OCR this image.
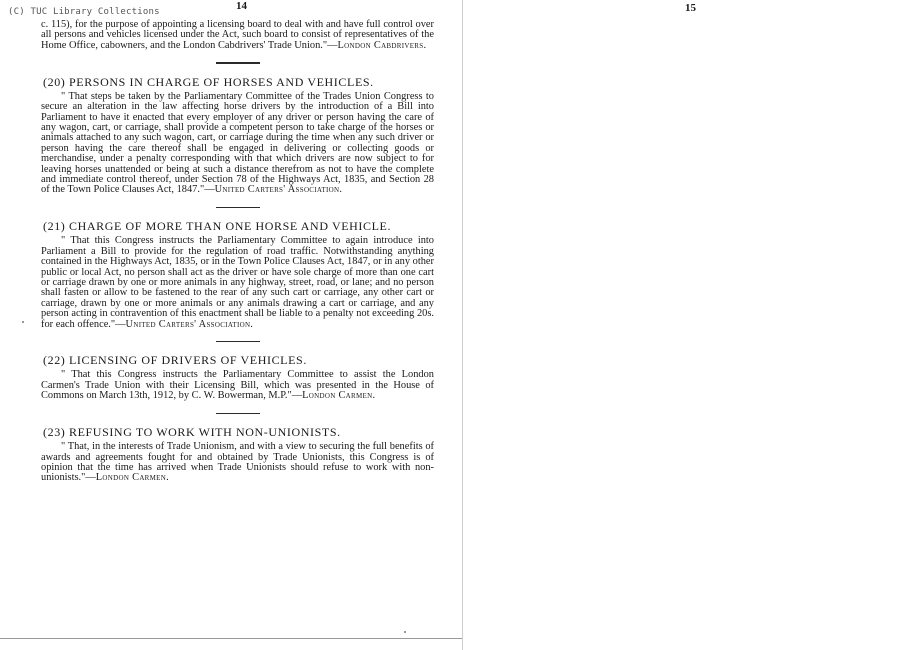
(C) TUC Library Collections	14

c. 115), for the purpose of appointing a licensing board to deal with and have full control over all persons and vehicles licensed under the Act, such board to consist of representatives of the Home Office, cabowners, and the London Cabdrivers' Trade Union."—London Cabdrivers.

(20) PERSONS IN CHARGE OF HORSES AND VEHICLES.

" That steps be taken by the Parliamentary Committee of the Trades Union Congress to secure an alteration in the law affecting horse drivers by the introduction of a Bill into Parliament to have it enacted that every employer of any driver or person having the care of any wagon, cart, or carriage, shall provide a competent person to take charge of the horses or animals attached to any such wagon, cart, or carriage during the time when any such driver or person having the care thereof shall be engaged in delivering or collecting goods or merchandise, under a penalty corresponding with that which drivers are now subject to for leaving horses unattended or being at such a distance therefrom as not to have the complete and immediate control thereof, under Section 78 of the Highways Act, 1835, and Section 28 of the Town Police Clauses Act, 1847."—United Carters' Association.

(21) CHARGE OF MORE THAN ONE HORSE AND VEHICLE.

" That this Congress instructs the Parliamentary Committee to again introduce into Parliament a Bill to provide for the regulation of road traffic. Notwithstanding anything contained in the Highways Act, 1835, or in the Town Police Clauses Act, 1847, or in any other public or local Act, no person shall act as the driver or have sole charge of more than one cart or carriage drawn by one or more animals in any highway, street, road, or lane; and no person shall fasten or allow to be fastened to the rear of any such cart or carriage, any other cart or carriage, drawn by one or more animals or any animals drawing a cart or carriage, and any person acting in contravention of this enactment shall be liable to a penalty not exceeding 20s. for each offence."—United Carters' Association.

(22) LICENSING OF DRIVERS OF VEHICLES.

" That this Congress instructs the Parliamentary Committee to assist the London Carmen's Trade Union with their Licensing Bill, which was presented in the House of Commons on March 13th, 1912, by C. W. Bowerman, M.P."—London Carmen.

(23) REFUSING TO WORK WITH NON-UNIONISTS.

" That, in the interests of Trade Unionism, and with a view to securing the full benefits of awards and agreements fought for and obtained by Trade Unionists, this Congress is of opinion that the time has arrived when Trade Unionists should refuse to work with non-unionists."—London Carmen.

15
